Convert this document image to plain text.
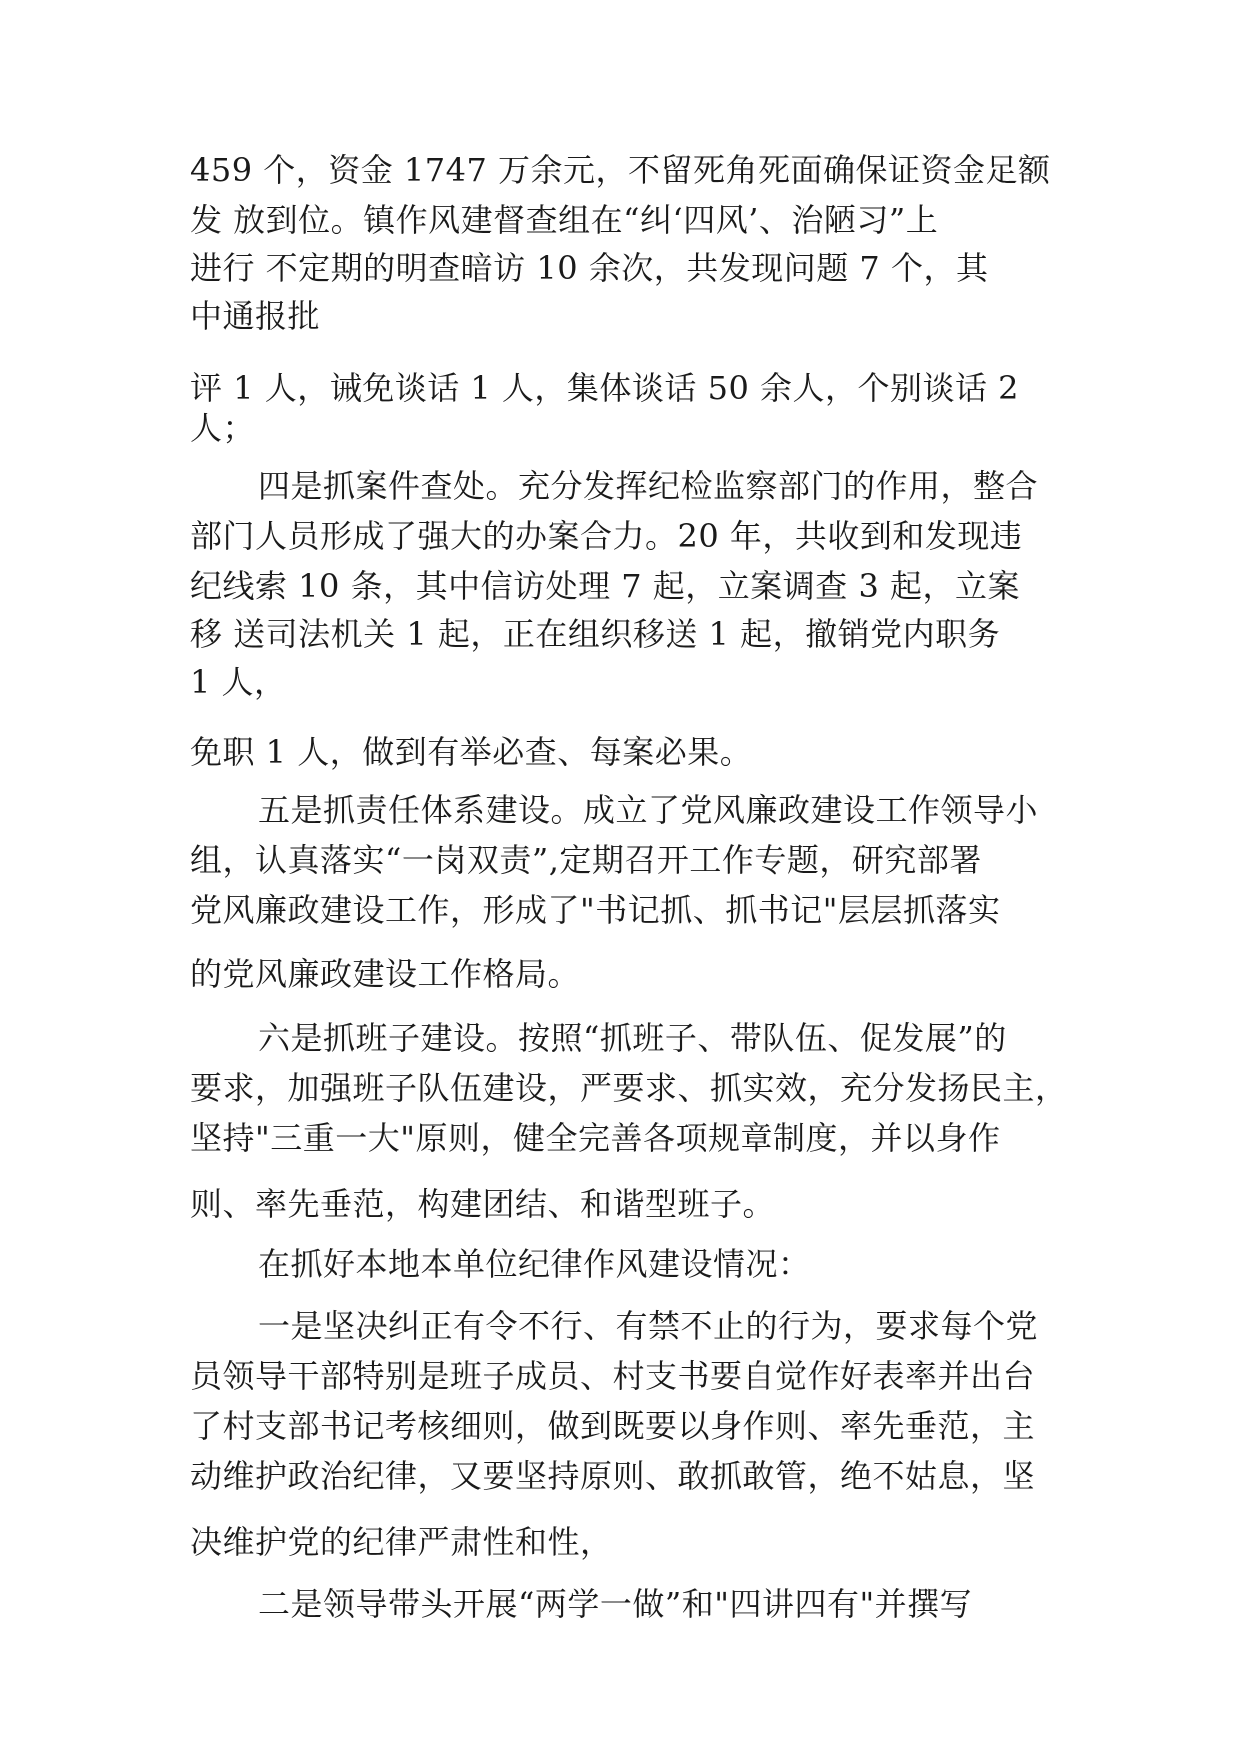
459 个，资金 1747 万余元，不留死角死面确保证资金足额

发 放到位。镇作风建督查组在“纠‘四风’、治陋习”上

进行 不定期的明查暗访 10 余次，共发现问题 7 个，其

中通报批

评 1 人，诫免谈话 1 人，集体谈话 50 余人，个别谈话 2

人；

四是抓案件查处。充分发挥纪检监察部门的作用，整合

部门人员形成了强大的办案合力。20 年，共收到和发现违

纪线索 10 条，其中信访处理 7 起，立案调查 3 起，立案

移 送司法机关 1 起，正在组织移送 1 起，撤销党内职务

1 人，

免职 1 人，做到有举必查、每案必果。

五是抓责任体系建设。成立了党风廉政建设工作领导小

组，认真落实“一岗双责”,定期召开工作专题，研究部署

党风廉政建设工作，形成了"书记抓、抓书记"层层抓落实

的党风廉政建设工作格局。

六是抓班子建设。按照“抓班子、带队伍、促发展”的

要求，加强班子队伍建设，严要求、抓实效，充分发扬民主，

坚持"三重一大"原则，健全完善各项规章制度，并以身作

则、率先垂范，构建团结、和谐型班子。

在抓好本地本单位纪律作风建设情况：

一是坚决纠正有令不行、有禁不止的行为，要求每个党

员领导干部特别是班子成员、村支书要自觉作好表率并出台

了村支部书记考核细则，做到既要以身作则、率先垂范，主

动维护政治纪律，又要坚持原则、敢抓敢管，绝不姑息，坚

决维护党的纪律严肃性和性，

二是领导带头开展“两学一做”和"四讲四有"并撰写
